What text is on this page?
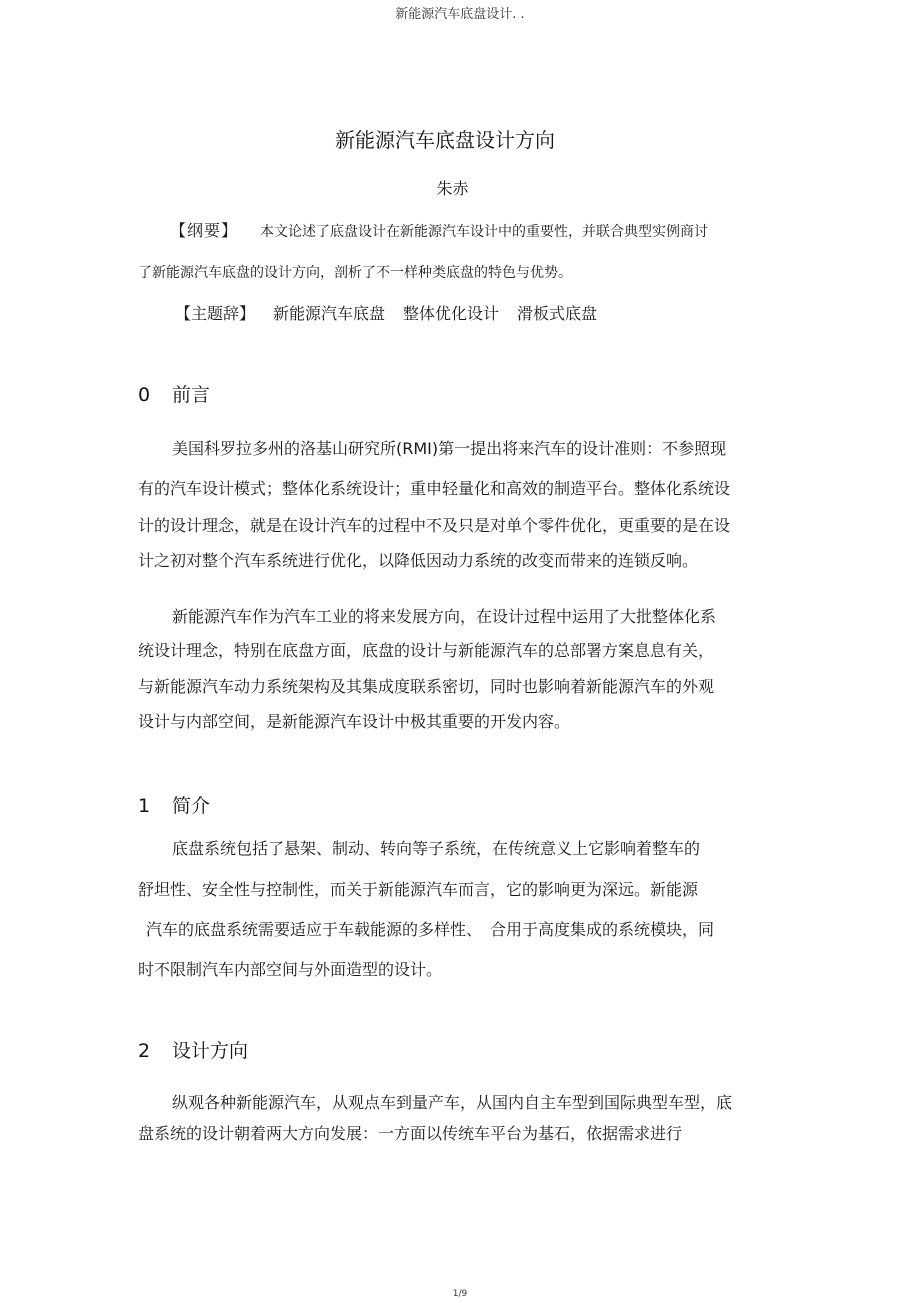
新能源汽车底盘设计. .
新能源汽车底盘设计方向
朱赤
【纲要】 本文论述了底盘设计在新能源汽车设计中的重要性，并联合典型实例商讨
了新能源汽车底盘的设计方向，剖析了不一样种类底盘的特色与优势。
【主题辞】 新能源汽车底盘 整体优化设计 滑板式底盘
0 前言
美国科罗拉多州的洛基山研究所(RMI)第一提出将来汽车的设计准则：不参照现
有的汽车设计模式；整体化系统设计；重申轻量化和高效的制造平台。整体化系统设
计的设计理念，就是在设计汽车的过程中不及只是对单个零件优化，更重要的是在设
计之初对整个汽车系统进行优化，以降低因动力系统的改变而带来的连锁反响。
新能源汽车作为汽车工业的将来发展方向，在设计过程中运用了大批整体化系
统设计理念，特别在底盘方面，底盘的设计与新能源汽车的总部署方案息息有关，
与新能源汽车动力系统架构及其集成度联系密切，同时也影响着新能源汽车的外观
设计与内部空间，是新能源汽车设计中极其重要的开发内容。
1 简介
底盘系统包括了悬架、制动、转向等子系统，在传统意义上它影响着整车的
舒坦性、安全性与控制性，而关于新能源汽车而言，它的影响更为深远。新能源
汽车的底盘系统需要适应于车载能源的多样性、　合用于高度集成的系统模块，同
时不限制汽车内部空间与外面造型的设计。
2 设计方向
纵观各种新能源汽车，从观点车到量产车，从国内自主车型到国际典型车型，底
盘系统的设计朝着两大方向发展：一方面以传统车平台为基石，依据需求进行
1/9
